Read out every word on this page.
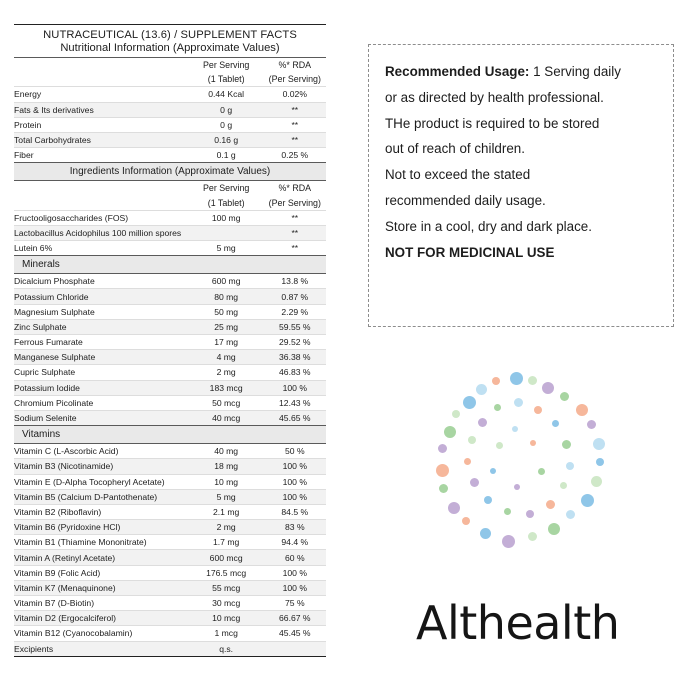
NUTRACEUTICAL (13.6) / SUPPLEMENT FACTS
Nutritional Information (Approximate Values)
	Per Serving	%* RDA
	(1 Tablet)	(Per Serving)
Energy	0.44 Kcal	0.02%
Fats & Its derivatives	0 g	**
Protein	0 g	**
Total Carbohydrates	0.16 g	**
Fiber	0.1 g	0.25 %
Ingredients Information (Approximate Values)
	Per Serving	%* RDA
	(1 Tablet)	(Per Serving)
Fructooligosaccharides (FOS)	100 mg	**
Lactobacillus Acidophilus 100 million spores		**
Lutein 6%	5 mg	**
Minerals
Dicalcium Phosphate	600 mg	13.8 %
Potassium Chloride	80 mg	0.87 %
Magnesium Sulphate	50 mg	2.29 %
Zinc Sulphate	25 mg	59.55 %
Ferrous Fumarate	17 mg	29.52 %
Manganese Sulphate	4 mg	36.38 %
Cupric Sulphate	2 mg	46.83 %
Potassium Iodide	183 mcg	100 %
Chromium Picolinate	50 mcg	12.43 %
Sodium Selenite	40 mcg	45.65 %
Vitamins
Vitamin C (L-Ascorbic Acid)	40 mg	50 %
Vitamin B3 (Nicotinamide)	18 mg	100 %
Vitamin E (D-Alpha Tocopheryl Acetate)	10 mg	100 %
Vitamin B5 (Calcium D-Pantothenate)	5 mg	100 %
Vitamin B2 (Riboflavin)	2.1 mg	84.5 %
Vitamin B6 (Pyridoxine HCl)	2 mg	83 %
Vitamin B1 (Thiamine Mononitrate)	1.7 mg	94.4 %
Vitamin A (Retinyl Acetate)	600 mcg	60 %
Vitamin B9 (Folic Acid)	176.5 mcg	100 %
Vitamin K7 (Menaquinone)	55 mcg	100 %
Vitamin B7 (D-Biotin)	30 mcg	75 %
Vitamin D2 (Ergocalciferol)	10 mcg	66.67 %
Vitamin B12 (Cyanocobalamin)	1 mcg	45.45 %
Excipients	q.s.	

Recommended Usage: 1 Serving daily

or as directed by health professional.

THe product is required to be stored

out of reach of children.

Not to exceed the stated

recommended daily usage.

Store in a cool, dry and dark place.

NOT FOR MEDICINAL USE

Althealth
